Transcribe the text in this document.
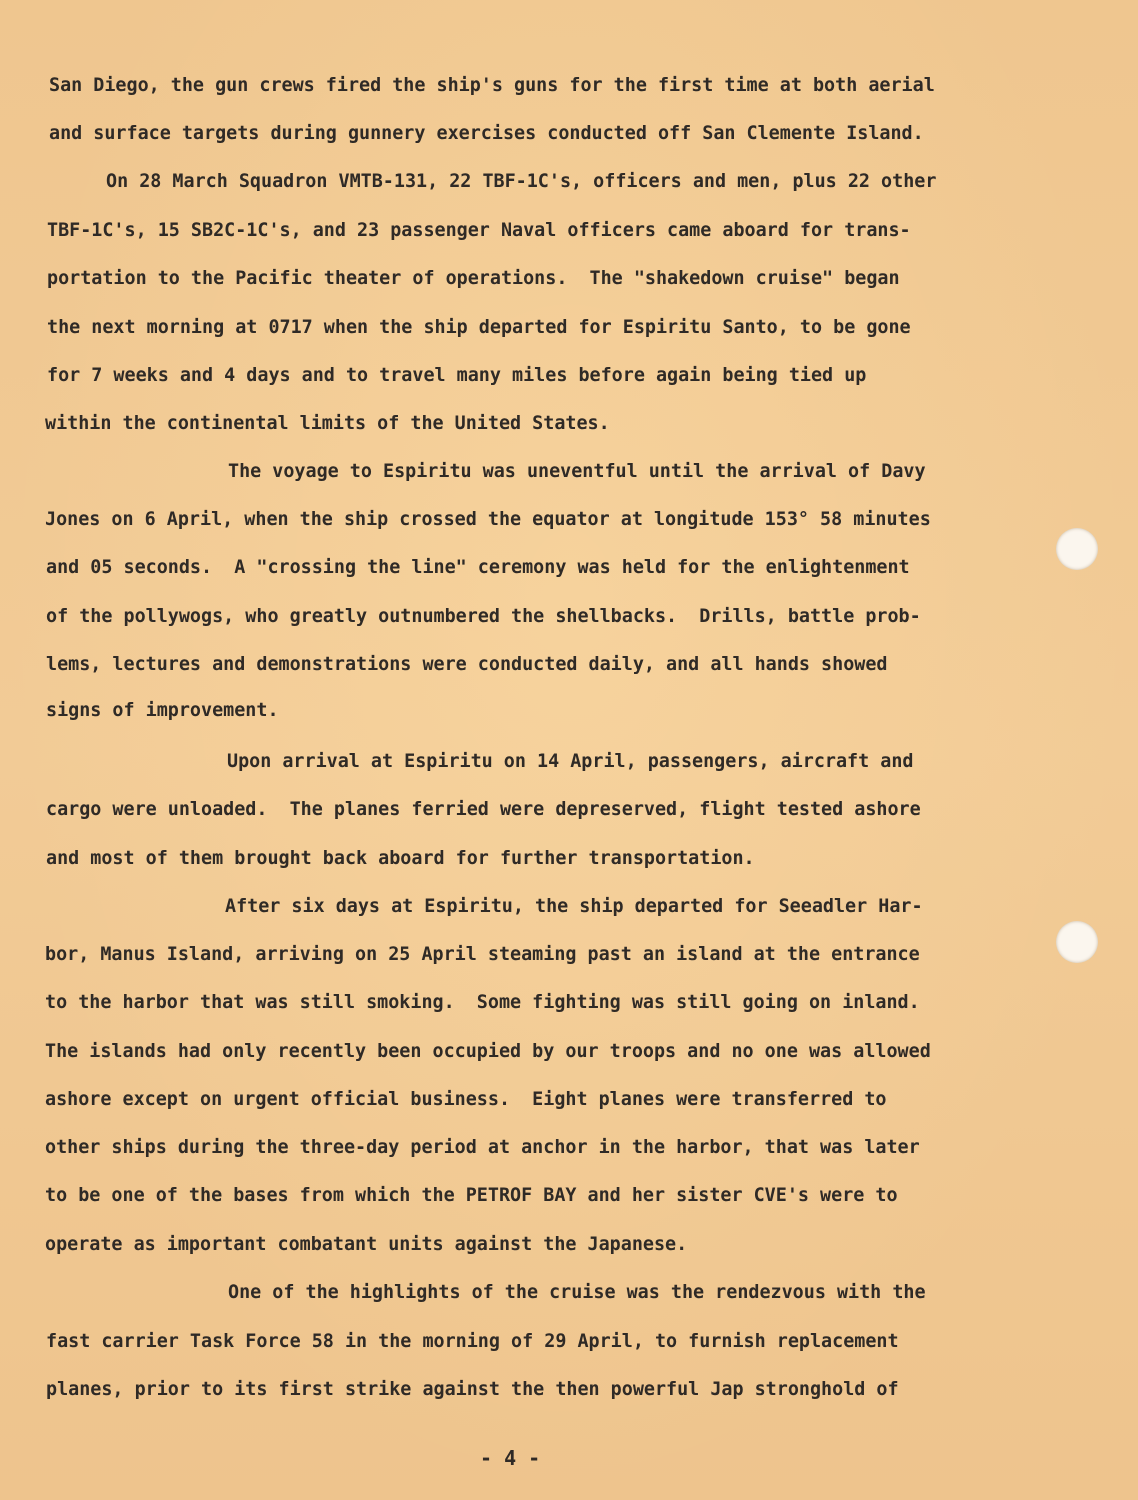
San Diego, the gun crews fired the ship's guns for the first time at both aerial

and surface targets during gunnery exercises conducted off San Clemente Island.

On 28 March Squadron VMTB-131, 22 TBF-1C's, officers and men, plus 22 other

TBF-1C's, 15 SB2C-1C's, and 23 passenger Naval officers came aboard for trans-

portation to the Pacific theater of operations.  The "shakedown cruise" began

the next morning at 0717 when the ship departed for Espiritu Santo, to be gone

for 7 weeks and 4 days and to travel many miles before again being tied up

within the continental limits of the United States.

The voyage to Espiritu was uneventful until the arrival of Davy

Jones on 6 April, when the ship crossed the equator at longitude 153° 58 minutes

and 05 seconds.  A "crossing the line" ceremony was held for the enlightenment

of the pollywogs, who greatly outnumbered the shellbacks.  Drills, battle prob-

lems, lectures and demonstrations were conducted daily, and all hands showed

signs of improvement.

Upon arrival at Espiritu on 14 April, passengers, aircraft and

cargo were unloaded.  The planes ferried were depreserved, flight tested ashore

and most of them brought back aboard for further transportation.

After six days at Espiritu, the ship departed for Seeadler Har-

bor, Manus Island, arriving on 25 April steaming past an island at the entrance

to the harbor that was still smoking.  Some fighting was still going on inland.

The islands had only recently been occupied by our troops and no one was allowed

ashore except on urgent official business.  Eight planes were transferred to

other ships during the three-day period at anchor in the harbor, that was later

to be one of the bases from which the PETROF BAY and her sister CVE's were to

operate as important combatant units against the Japanese.

One of the highlights of the cruise was the rendezvous with the

fast carrier Task Force 58 in the morning of 29 April, to furnish replacement

planes, prior to its first strike against the then powerful Jap stronghold of

- 4 -
